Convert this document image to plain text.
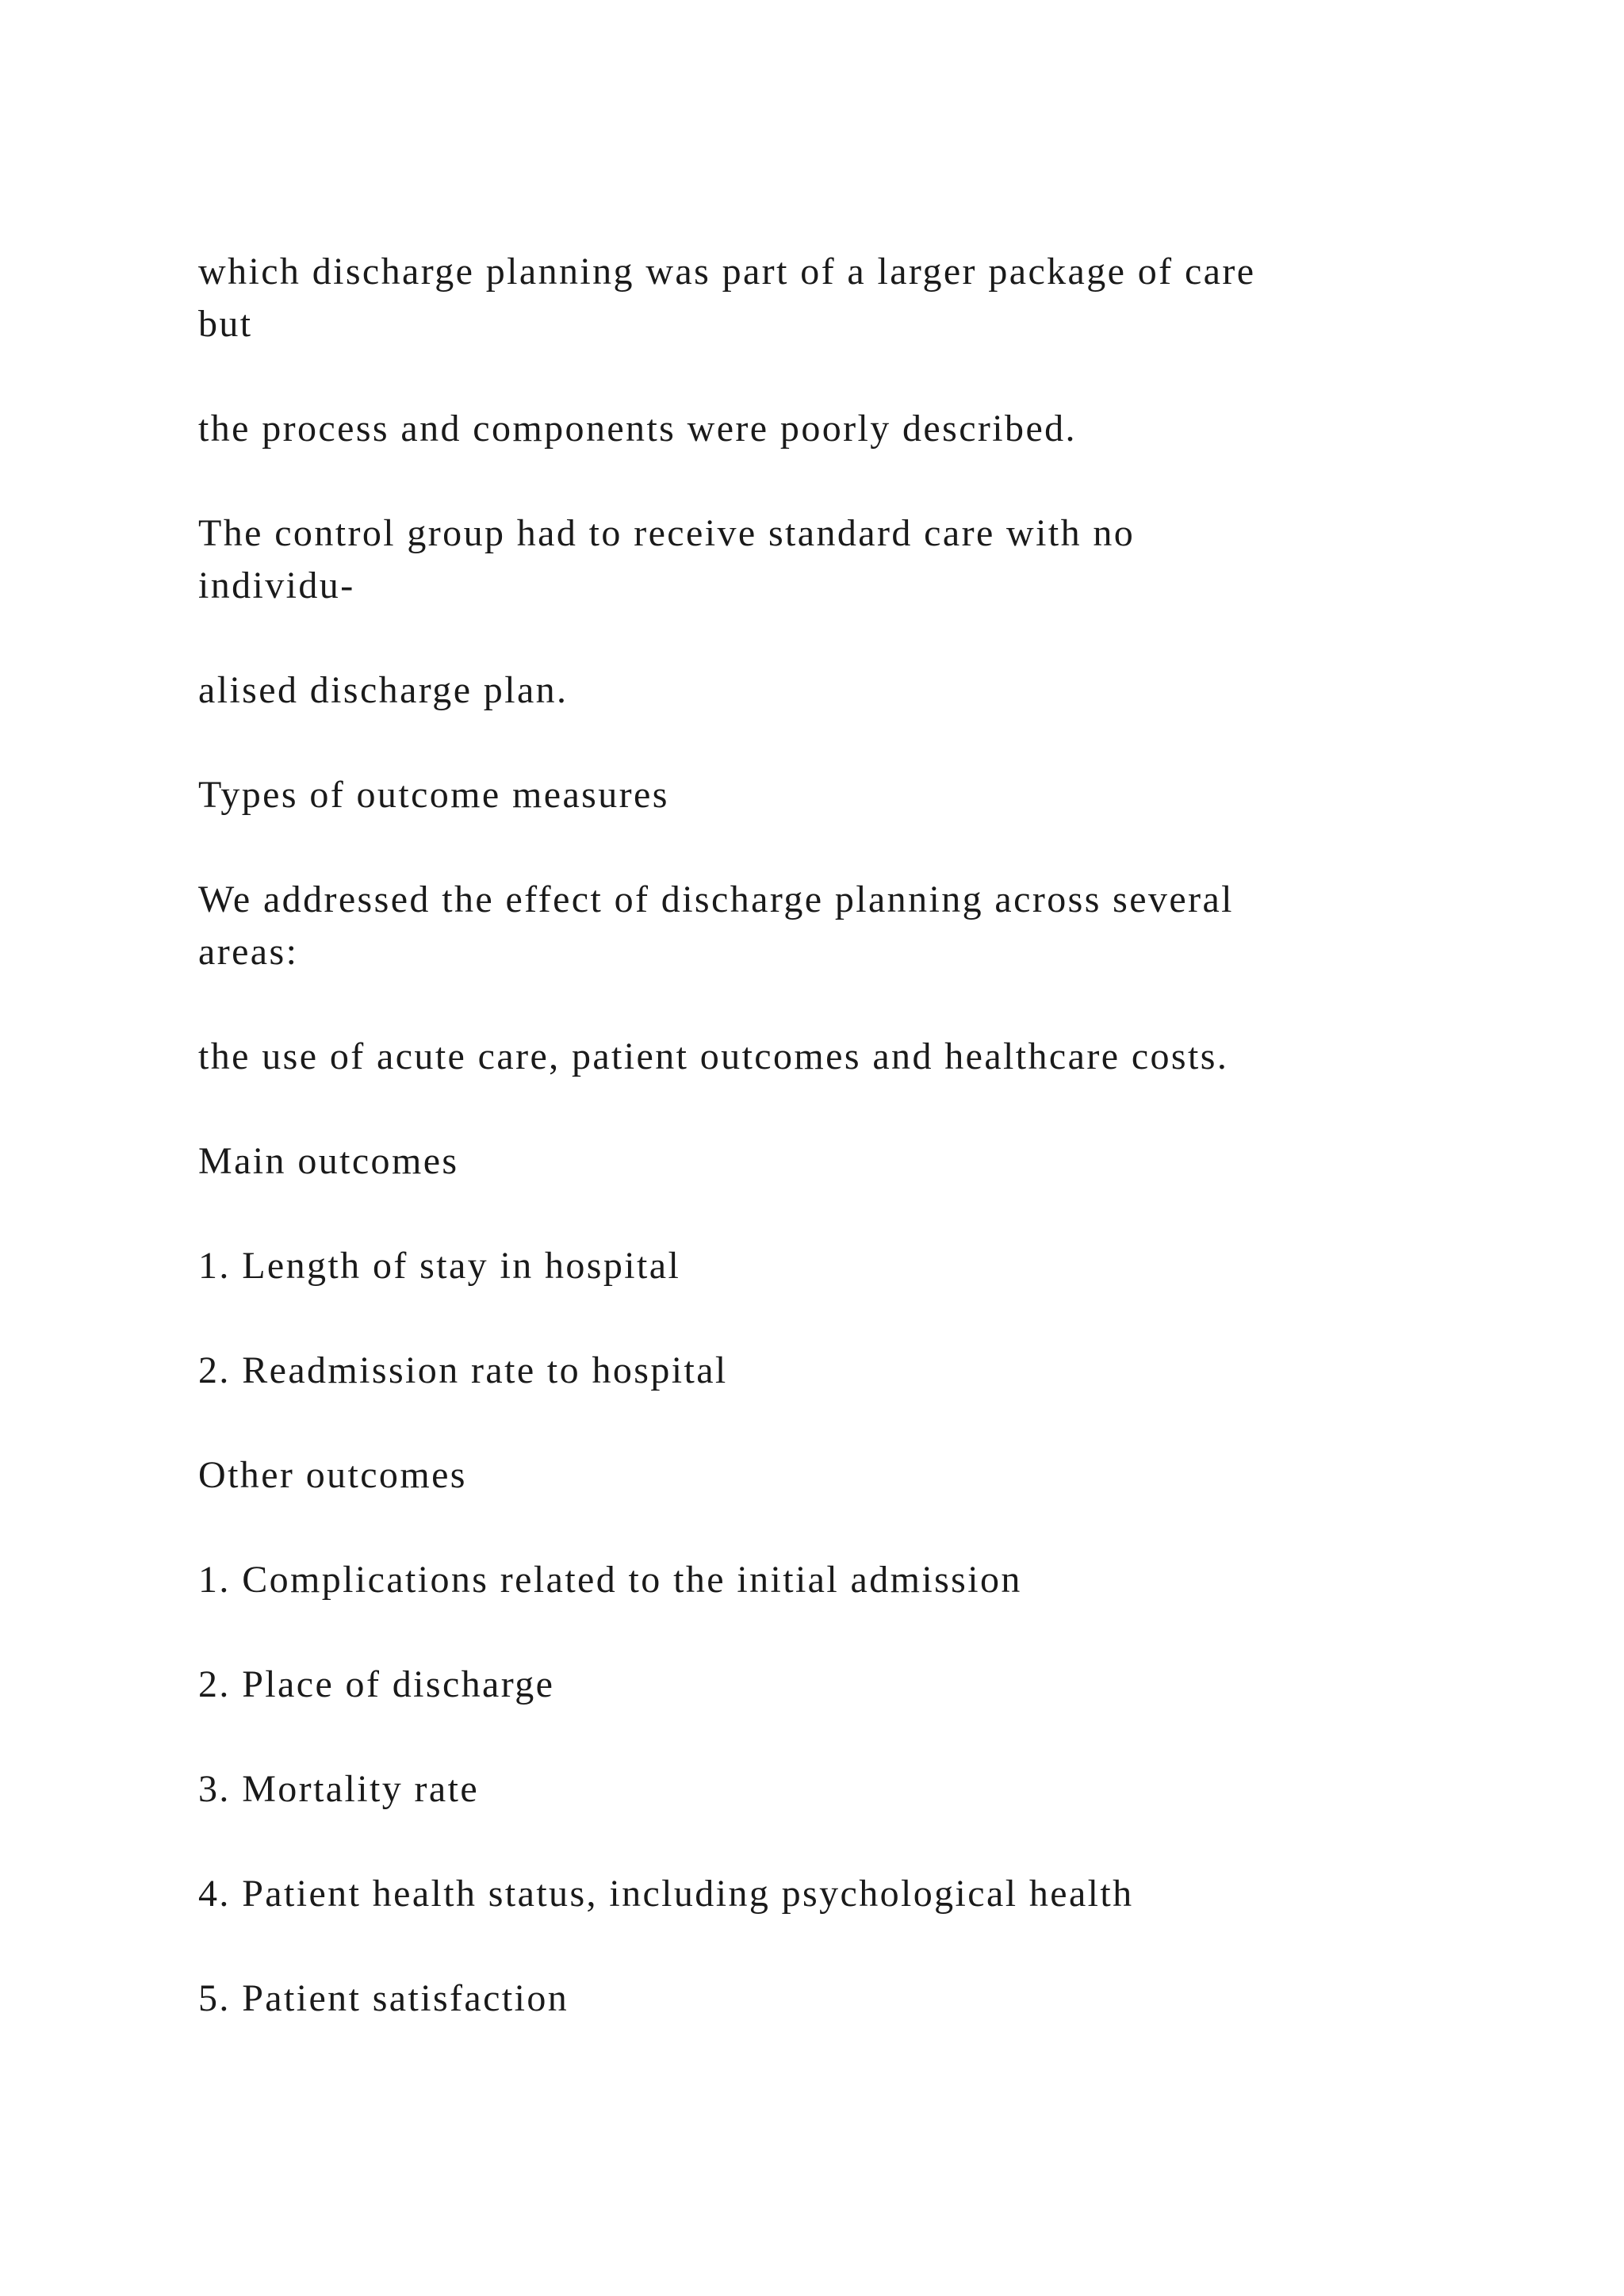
which discharge planning was part of a larger package of care
but

the process and components were poorly described.

The control group had to receive standard care with no
individu-

alised discharge plan.

Types of outcome measures

We addressed the effect of discharge planning across several
areas:

the use of acute care, patient outcomes and healthcare costs.

Main outcomes

1. Length of stay in hospital

2. Readmission rate to hospital

Other outcomes

1. Complications related to the initial admission

2. Place of discharge

3. Mortality rate

4. Patient health status, including psychological health

5. Patient satisfaction
